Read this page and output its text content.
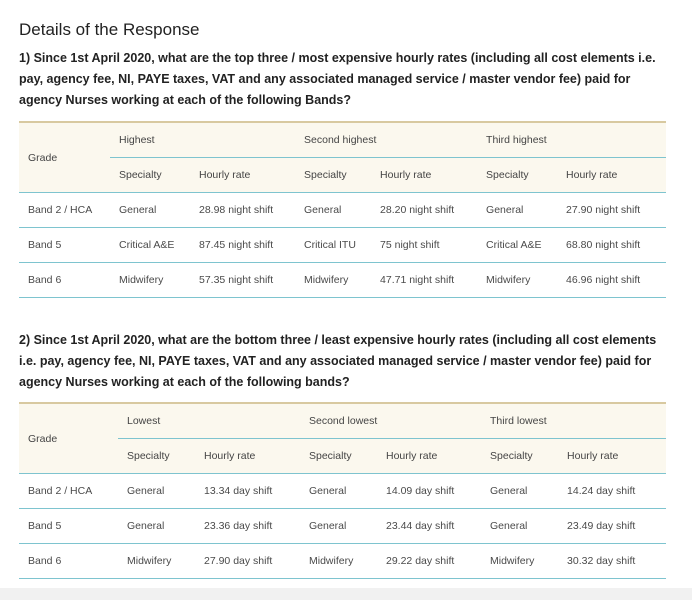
Details of the Response

1) Since 1st April 2020, what are the top three / most expensive hourly rates (including all cost elements i.e. pay, agency fee, NI, PAYE taxes, VAT and any associated managed service / master vendor fee) paid for agency Nurses working at each of the following Bands?

Grade	Highest		Second highest		Third highest	
	Specialty	Hourly rate	Specialty	Hourly rate	Specialty	Hourly rate
Band 2 / HCA	General	28.98 night shift	General	28.20 night shift	General	27.90 night shift
Band 5	Critical A&E	87.45 night shift	Critical ITU	75 night shift	Critical A&E	68.80 night shift
Band 6	Midwifery	57.35 night shift	Midwifery	47.71 night shift	Midwifery	46.96 night shift

2) Since 1st April 2020, what are the bottom three / least expensive hourly rates (including all cost elements i.e. pay, agency fee, NI, PAYE taxes, VAT and any associated managed service / master vendor fee) paid for agency Nurses working at each of the following bands?

Grade	Lowest		Second lowest		Third lowest	
	Specialty	Hourly rate	Specialty	Hourly rate	Specialty	Hourly rate
Band 2 / HCA	General	13.34 day shift	General	14.09 day shift	General	14.24 day shift
Band 5	General	23.36 day shift	General	23.44 day shift	General	23.49 day shift
Band 6	Midwifery	27.90 day shift	Midwifery	29.22 day shift	Midwifery	30.32 day shift
